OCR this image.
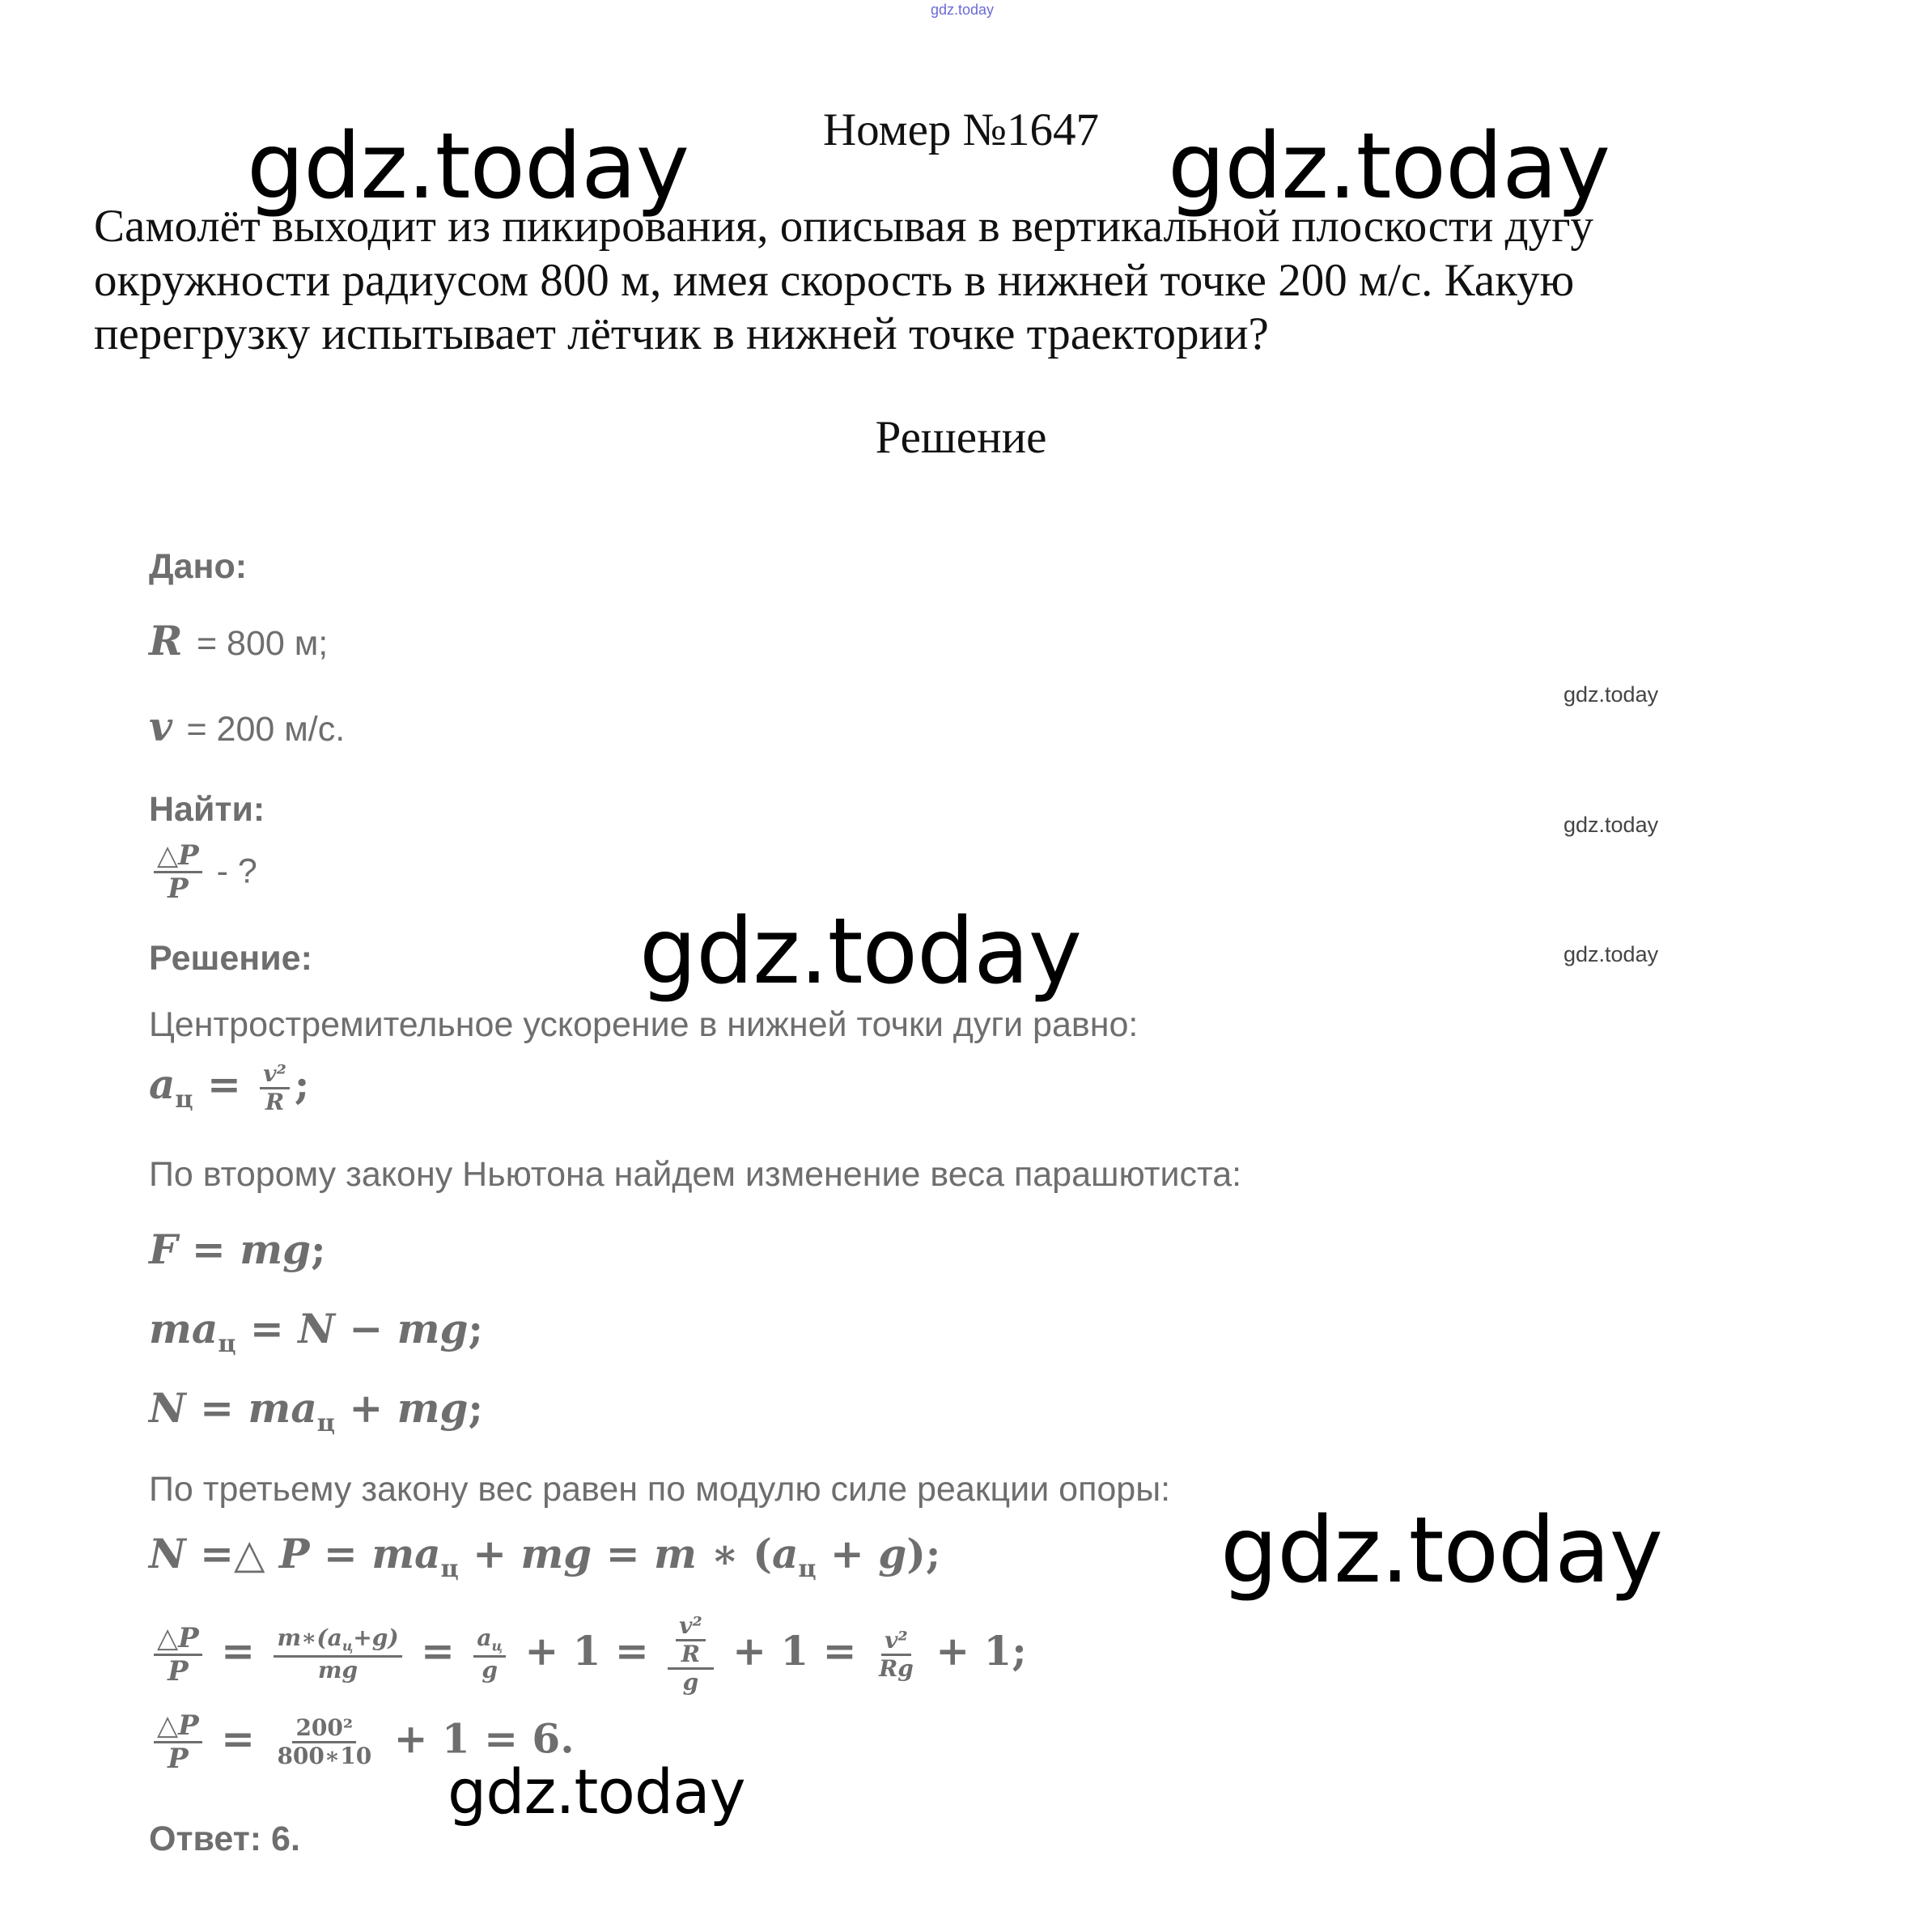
gdz.today
Номер №1647
gdz.today	gdz.today
Самолёт выходит из пикирования, описывая в вертикальной плоскости дугу
окружности радиусом 800 м, имея скорость в нижней точке 200 м/с. Какую
перегрузку испытывает лётчик в нижней точке траектории?
Решение
Дано:
R = 800 м;
v = 200 м/с.
Найти:
$\frac{\triangle P}{P}$ - ?
Решение:
Центростремительное ускорение в нижней точки дуги равно:
$a_ц = \frac{\text{v²}}{R}$ ;
По второму закону Ньютона найдем изменение веса парашютиста:
F = mg;
$ma_ц = N$ − mg;
$N = ma_ц$ + mg;
По третьему закону вес равен по модулю силе реакции опоры:
N =△ $P = ma_ц$ + mg = m ∗ $(a_ц + g)$;
$\frac{\triangle P}{P} = \frac{m∗(a_ц+g)}{mg} = \frac{a_ц}{g} + 1 = \frac{\frac{\text{v²}}{R}}{g} + 1 = \frac{\text{v²}}{Rg} + 1$;
$\frac{\triangle P}{P} = \frac{\text{200²}}{800∗10} + 1 = 6$.
Ответ: 6.
gdz.today
gdz.today
gdz.today
gdz.today
gdz.today
gdz.today
